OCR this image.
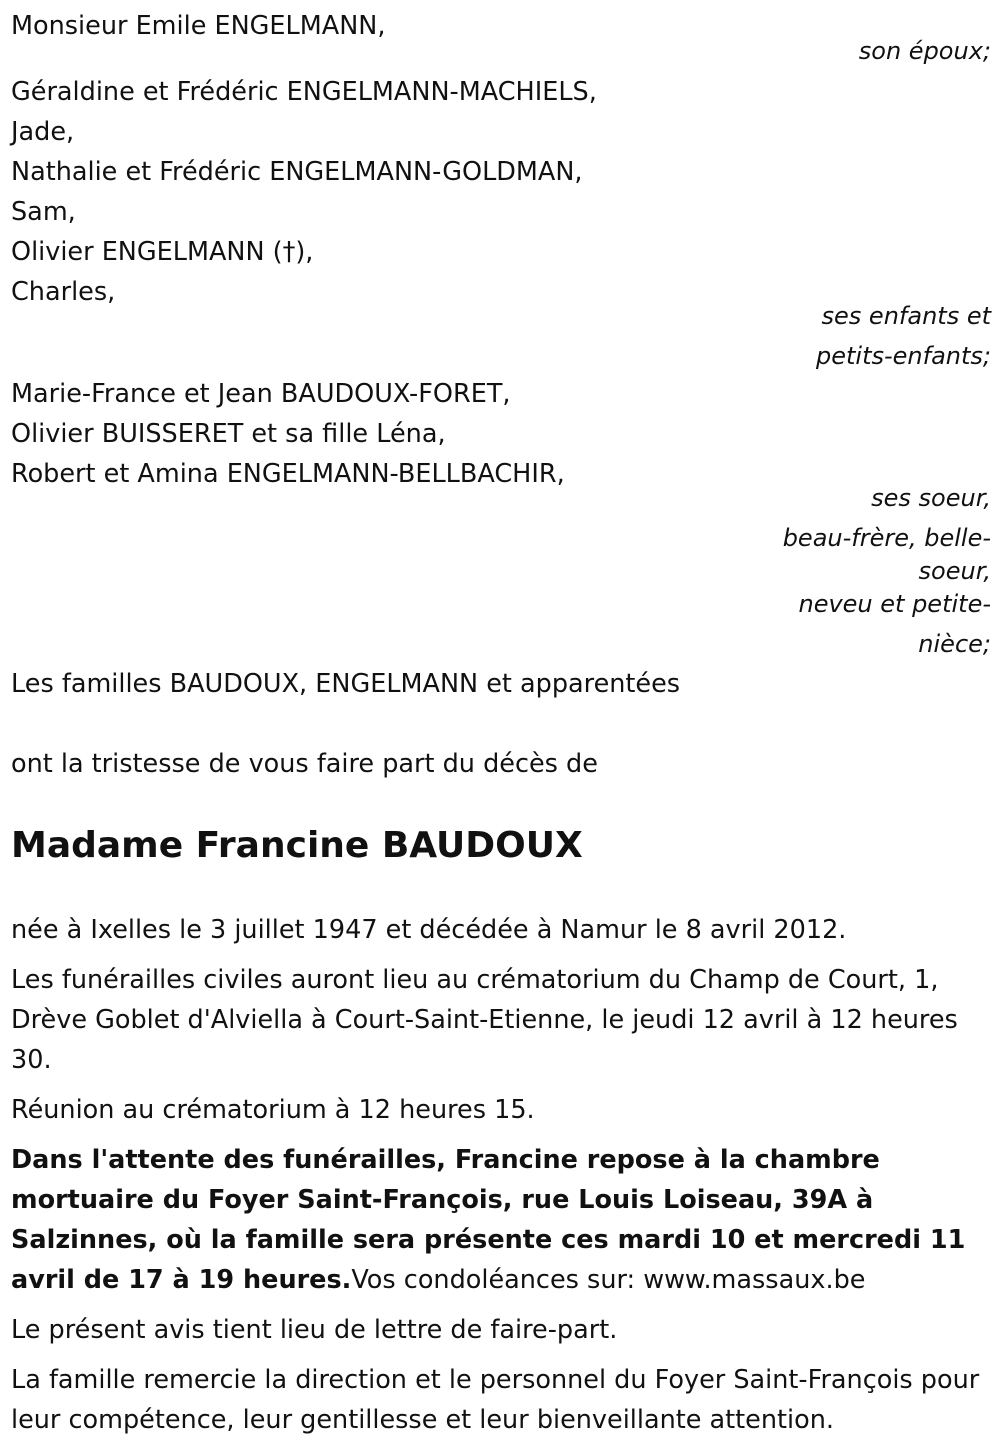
Monsieur Emile ENGELMANN,
son époux;
Géraldine et Frédéric ENGELMANN-MACHIELS,
Jade,
Nathalie et Frédéric ENGELMANN-GOLDMAN,
Sam,
Olivier ENGELMANN (†),
Charles,
ses enfants et
petits-enfants;
Marie-France et Jean BAUDOUX-FORET,
Olivier BUISSERET et sa fille Léna,
Robert et Amina ENGELMANN-BELLBACHIR,
ses soeur,
beau-frère, belle-
soeur,
neveu et petite-
nièce;
Les familles BAUDOUX, ENGELMANN et apparentées
ont la tristesse de vous faire part du décès de
Madame Francine BAUDOUX
née à Ixelles le 3 juillet 1947 et décédée à Namur le 8 avril 2012.
Les funérailles civiles auront lieu au crématorium du Champ de Court, 1, Drève Goblet d'Alviella à Court-Saint-Etienne, le jeudi 12 avril à 12 heures 30.
Réunion au crématorium à 12 heures 15.
Dans l'attente des funérailles, Francine repose à la chambre mortuaire du Foyer Saint-François, rue Louis Loiseau, 39A à Salzinnes, où la famille sera présente ces mardi 10 et mercredi 11 avril de 17 à 19 heures.Vos condoléances sur: www.massaux.be
Le présent avis tient lieu de lettre de faire-part.
La famille remercie la direction et le personnel du Foyer Saint-François pour leur compétence, leur gentillesse et leur bienveillante attention.
